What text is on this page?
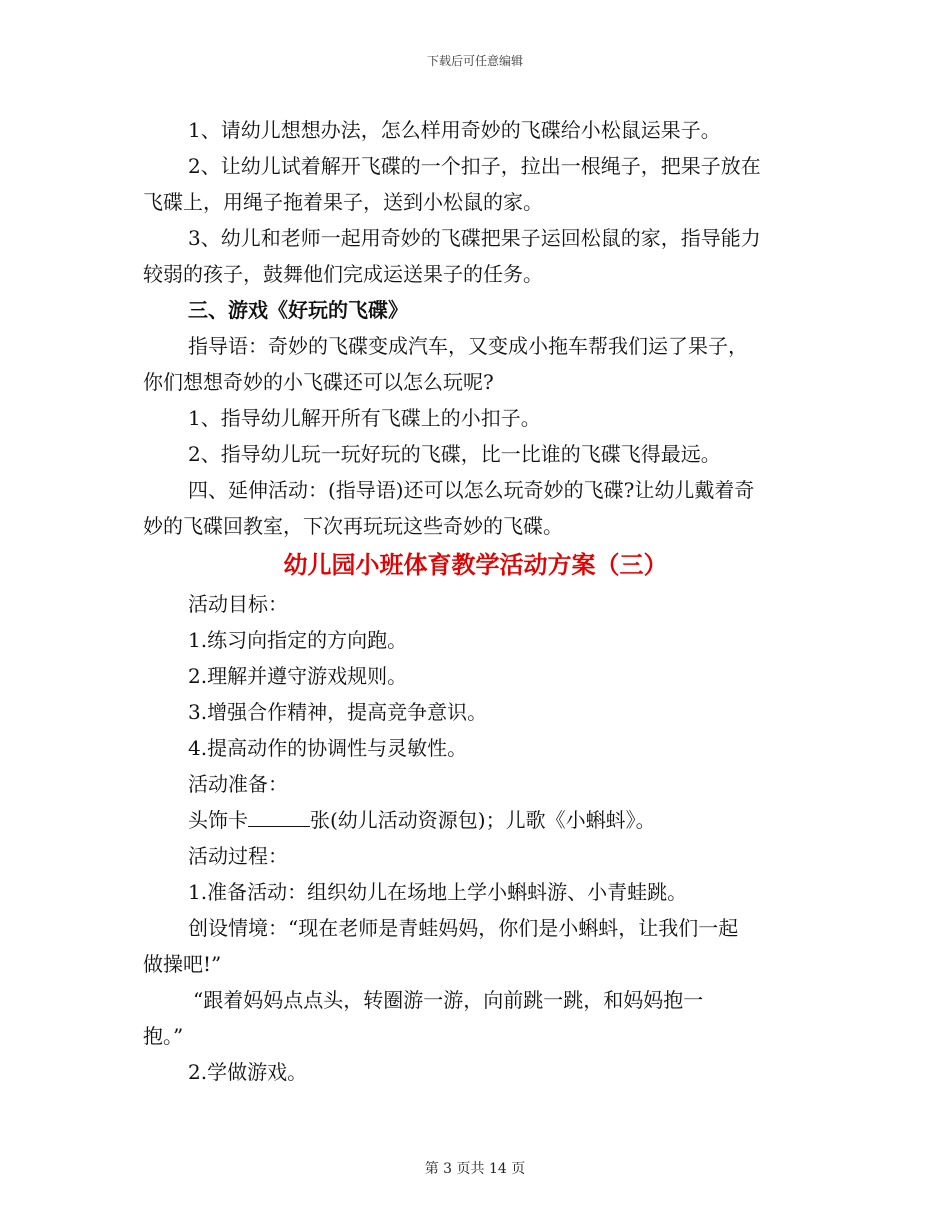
下载后可任意编辑
1、请幼儿想想办法，怎么样用奇妙的飞碟给小松鼠运果子。
2、让幼儿试着解开飞碟的一个扣子，拉出一根绳子，把果子放在
飞碟上，用绳子拖着果子，送到小松鼠的家。
3、幼儿和老师一起用奇妙的飞碟把果子运回松鼠的家，指导能力
较弱的孩子，鼓舞他们完成运送果子的任务。
三、游戏《好玩的飞碟》
指导语：奇妙的飞碟变成汽车，又变成小拖车帮我们运了果子，
你们想想奇妙的小飞碟还可以怎么玩呢?
1、指导幼儿解开所有飞碟上的小扣子。
2、指导幼儿玩一玩好玩的飞碟，比一比谁的飞碟飞得最远。
四、延伸活动：(指导语)还可以怎么玩奇妙的飞碟?让幼儿戴着奇
妙的飞碟回教室，下次再玩玩这些奇妙的飞碟。
幼儿园小班体育教学活动方案（三）
活动目标：
1.练习向指定的方向跑。
2.理解并遵守游戏规则。
3.增强合作精神，提高竞争意识。
4.提高动作的协调性与灵敏性。
活动准备：
头饰卡	张(幼儿活动资源包)；儿歌《小蝌蚪》。
活动过程：
1.准备活动：组织幼儿在场地上学小蝌蚪游、小青蛙跳。
创设情境：“现在老师是青蛙妈妈，你们是小蝌蚪，让我们一起
做操吧!”
“跟着妈妈点点头，转圈游一游，向前跳一跳，和妈妈抱一
抱。”
2.学做游戏。
第 3 页共 14 页
